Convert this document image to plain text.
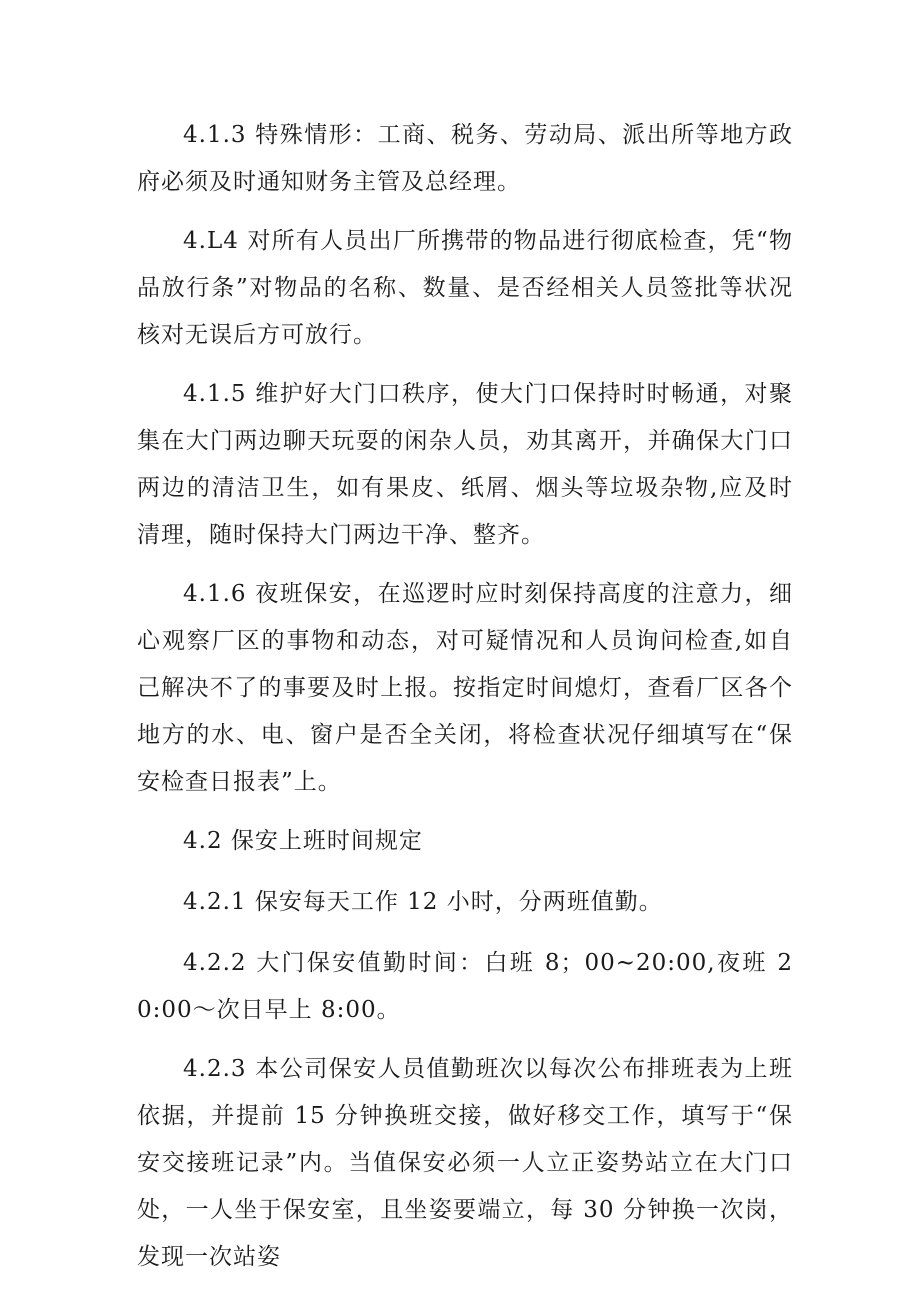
4.1.3 特殊情形：工商、税务、劳动局、派出所等地方政府必须及时通知财务主管及总经理。

4.L4 对所有人员出厂所携带的物品进行彻底检查，凭“物品放行条”对物品的名称、数量、是否经相关人员签批等状况核对无误后方可放行。

4.1.5 维护好大门口秩序，使大门口保持时时畅通，对聚集在大门两边聊天玩耍的闲杂人员，劝其离开，并确保大门口两边的清洁卫生，如有果皮、纸屑、烟头等垃圾杂物,应及时清理，随时保持大门两边干净、整齐。

4.1.6 夜班保安，在巡逻时应时刻保持高度的注意力，细心观察厂区的事物和动态，对可疑情况和人员询问检查,如自己解决不了的事要及时上报。按指定时间熄灯，查看厂区各个地方的水、电、窗户是否全关闭，将检查状况仔细填写在“保安检查日报表”上。

4.2 保安上班时间规定

4.2.1 保安每天工作 12 小时，分两班值勤。

4.2.2 大门保安值勤时间：白班 8；00~20:00,夜班 20:00～次日早上 8:00。

4.2.3 本公司保安人员值勤班次以每次公布排班表为上班依据，并提前 15 分钟换班交接，做好移交工作，填写于“保安交接班记录”内。当值保安必须一人立正姿势站立在大门口处，一人坐于保安室，且坐姿要端立，每 30 分钟换一次岗，发现一次站姿
